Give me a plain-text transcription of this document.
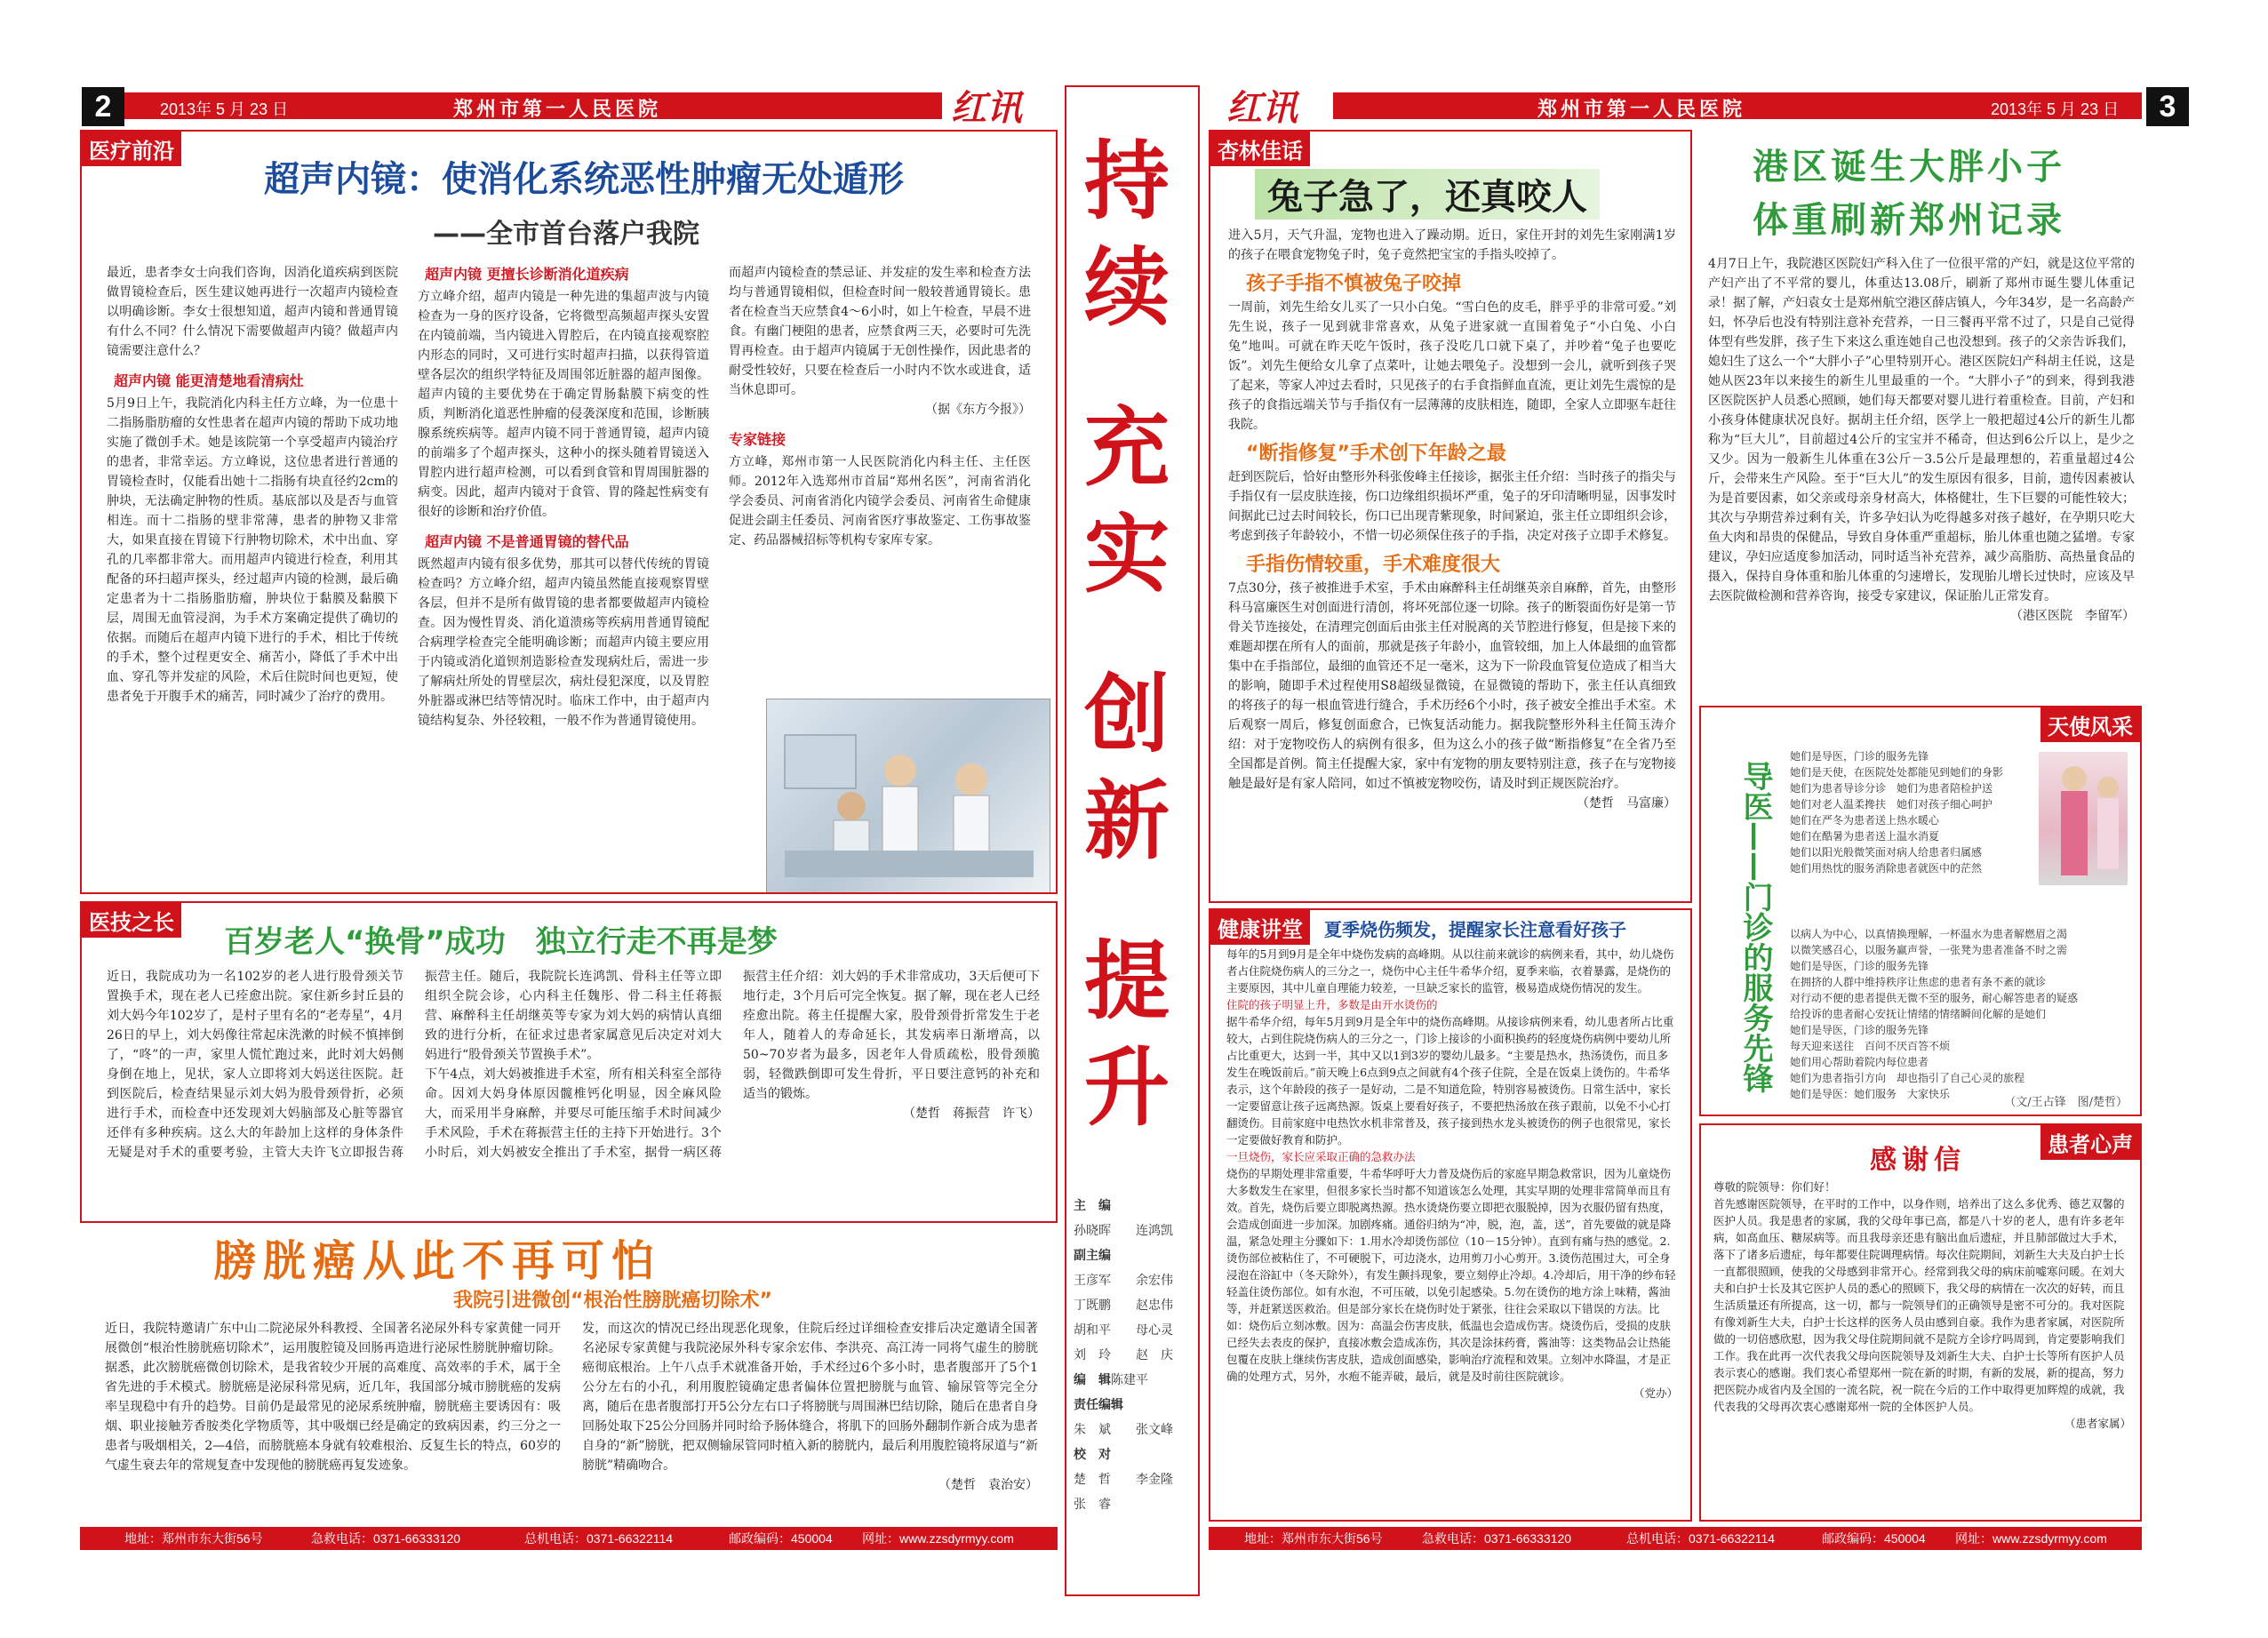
2	2013年 5 月 23 日	郑州市第一人民医院	红讯	红讯	郑州市第一人民医院	2013年 5 月 23 日	3
持
续
充
实
创
新
提
升
主　编
孙晓晖　　连鸿凯
副主编
王彦军　　余宏伟
丁既鹏　　赵忠伟
胡和平　　母心灵
刘　玲　　赵　庆
编　辑陈建平
责任编辑
朱　斌　　张文峰
校　对
楚　哲　　李金隆
张　睿
医疗前沿
超声内镜：使消化系统恶性肿瘤无处遁形
——全市首台落户我院
最近，患者李女士向我们咨询，因消化道疾病到医院做胃镜检查后，医生建议她再进行一次超声内镜检查以明确诊断。李女士很想知道，超声内镜和普通胃镜有什么不同？什么情况下需要做超声内镜？做超声内镜需要注意什么？
超声内镜 能更清楚地看清病灶
5月9日上午，我院消化内科主任方立峰，为一位患十二指肠脂肪瘤的女性患者在超声内镜的帮助下成功地实施了微创手术。她是该院第一个享受超声内镜治疗的患者，非常幸运。方立峰说，这位患者进行普通的胃镜检查时，仅能看出她十二指肠有块直径约2cm的肿块，无法确定肿物的性质。基底部以及是否与血管相连。而十二指肠的壁非常薄，患者的肿物又非常大，如果直接在胃镜下行肿物切除术，术中出血、穿孔的几率都非常大。而用超声内镜进行检查，利用其配备的环扫超声探头，经过超声内镜的检测，最后确定患者为十二指肠脂肪瘤，肿块位于黏膜及黏膜下层，周围无血管浸润，为手术方案确定提供了确切的依据。而随后在超声内镜下进行的手术，相比于传统的手术，整个过程更安全、痛苦小，降低了手术中出血、穿孔等并发症的风险，术后住院时间也更短，使患者免于开腹手术的痛苦，同时减少了治疗的费用。
超声内镜 更擅长诊断消化道疾病
方立峰介绍，超声内镜是一种先进的集超声波与内镜检查为一身的医疗设备，它将微型高频超声探头安置在内镜前端，当内镜进入胃腔后，在内镜直接观察腔内形态的同时，又可进行实时超声扫描，以获得管道壁各层次的组织学特征及周围邻近脏器的超声图像。超声内镜的主要优势在于确定胃肠黏膜下病变的性质，判断消化道恶性肿瘤的侵袭深度和范围，诊断胰腺系统疾病等。超声内镜不同于普通胃镜，超声内镜的前端多了个超声探头，这种小的探头随着胃镜送入胃腔内进行超声检测，可以看到食管和胃周围脏器的病变。因此，超声内镜对于食管、胃的隆起性病变有很好的诊断和治疗价值。
超声内镜 不是普通胃镜的替代品
既然超声内镜有很多优势，那其可以替代传统的胃镜检查吗？方立峰介绍，超声内镜虽然能直接观察胃壁各层，但并不是所有做胃镜的患者都要做超声内镜检查。因为慢性胃炎、消化道溃疡等疾病用普通胃镜配合病理学检查完全能明确诊断；而超声内镜主要应用于内镜或消化道钡剂造影检查发现病灶后，需进一步了解病灶所处的胃壁层次，病灶侵犯深度，以及胃腔外脏器或淋巴结等情况时。临床工作中，由于超声内镜结构复杂、外径较粗，一般不作为普通胃镜使用。
而超声内镜检查的禁忌证、并发症的发生率和检查方法均与普通胃镜相似，但检查时间一般较普通胃镜长。患者在检查当天应禁食4～6小时，如上午检查，早晨不进食。有幽门梗阻的患者，应禁食两三天，必要时可先洗胃再检查。由于超声内镜属于无创性操作，因此患者的耐受性较好，只要在检查后一小时内不饮水或进食，适当休息即可。
（据《东方今报》）
专家链接
方立峰，郑州市第一人民医院消化内科主任、主任医师。2012年入选郑州市首届“郑州名医”，河南省消化学会委员、河南省消化内镜学会委员、河南省生命健康促进会副主任委员、河南省医疗事故鉴定、工伤事故鉴定、药品器械招标等机构专家库专家。
医技之长
百岁老人“换骨”成功　独立行走不再是梦
近日，我院成功为一名102岁的老人进行股骨颈关节置换手术，现在老人已痊愈出院。家住新乡封丘县的刘大妈今年102岁了，是村子里有名的“老寿星”，4月26日的早上，刘大妈像往常起床洗漱的时候不慎摔倒了，“咚”的一声，家里人慌忙跑过来，此时刘大妈侧身倒在地上，见状，家人立即将刘大妈送往医院。赶到医院后，检查结果显示刘大妈为股骨颈骨折，必须进行手术，而检查中还发现刘大妈脑部及心脏等器官还伴有多种疾病。这么大的年龄加上这样的身体条件无疑是对手术的重要考验，主管大夫许飞立即报告蒋振营主任。随后，我院院长连鸿凯、骨科主任等立即组织全院会诊，心内科主任魏彤、骨二科主任蒋振营、麻醉科主任胡继英等专家为刘大妈的病情认真细致的进行分析，在征求过患者家属意见后决定对刘大妈进行“股骨颈关节置换手术”。
下午4点，刘大妈被推进手术室，所有相关科室全部待命。因刘大妈身体原因髋椎钙化明显，因全麻风险大，而采用半身麻醉，并要尽可能压缩手术时间减少手术风险，手术在蒋振营主任的主持下开始进行。3个小时后，刘大妈被安全推出了手术室，据骨一病区蒋振营主任介绍：刘大妈的手术非常成功，3天后便可下地行走，3个月后可完全恢复。据了解，现在老人已经痊愈出院。蒋主任提醒大家，股骨颈骨折常发生于老年人，随着人的寿命延长，其发病率日渐增高，以50~70岁者为最多，因老年人骨质疏松，股骨颈脆弱，轻微跌倒即可发生骨折，平日要注意钙的补充和适当的锻炼。
（楚哲　蒋振营　许飞）
膀胱癌从此不再可怕
我院引进微创“根治性膀胱癌切除术”
近日，我院特邀请广东中山二院泌尿外科教授、全国著名泌尿外科专家黄健一同开展微创“根治性膀胱癌切除术”，运用腹腔镜及回肠再造进行泌尿性膀胱肿瘤切除。据悉，此次膀胱癌微创切除术，是我省较少开展的高难度、高效率的手术，属于全省先进的手术模式。膀胱癌是泌尿科常见病，近几年，我国部分城市膀胱癌的发病率呈现稳中有升的趋势。目前仍是最常见的泌尿系统肿瘤，膀胱癌主要诱因有：吸烟、职业接触芳香胺类化学物质等，其中吸烟已经是确定的致病因素，约三分之一患者与吸烟相关，2—4倍，而膀胱癌本身就有较难根治、反复生长的特点，60岁的气虚生衰去年的常规复查中发现他的膀胱癌再复发迹象。
发，而这次的情况已经出现恶化现象，住院后经过详细检查安排后决定邀请全国著名泌尿专家黄健与我院泌尿外科专家余宏伟、李洪亮、高江涛一同将气虚生的膀胱癌彻底根治。上午八点手术就准备开始，手术经过6个多小时，患者腹部开了5个1公分左右的小孔，利用腹腔镜确定患者偏体位置把膀胱与血管、输尿管等完全分离，随后在患者腹部打开5公分左右口子将膀胱与周围淋巴结切除，随后在患者自身回肠处取下25公分回肠并同时给予肠体缝合，将肌下的回肠外翻制作新合成为患者自身的“新”膀胱，把双侧输尿管同时植入新的膀胱内，最后利用腹腔镜将尿道与“新膀胱”精确吻合。
（楚哲　袁治安）
杏林佳话
兔子急了，还真咬人
进入5月，天气升温，宠物也进入了躁动期。近日，家住开封的刘先生家刚满1岁的孩子在喂食宠物兔子时，兔子竟然把宝宝的手指头咬掉了。
孩子手指不慎被兔子咬掉
一周前，刘先生给女儿买了一只小白兔。“雪白色的皮毛，胖乎乎的非常可爱。”刘先生说，孩子一见到就非常喜欢，从兔子进家就一直围着兔子“小白兔、小白兔”地叫。可就在昨天吃午饭时，孩子没吃几口就下桌了，并吵着“兔子也要吃饭”。刘先生便给女儿拿了点菜叶，让她去喂兔子。没想到一会儿，就听到孩子哭了起来，等家人冲过去看时，只见孩子的右手食指鲜血直流，更让刘先生震惊的是孩子的食指远端关节与手指仅有一层薄薄的皮肤相连，随即，全家人立即驱车赶往我院。
“断指修复”手术创下年龄之最
赶到医院后，恰好由整形外科张俊峰主任接诊，据张主任介绍：当时孩子的指尖与手指仅有一层皮肤连接，伤口边缘组织损坏严重，兔子的牙印清晰明显，因事发时间据此已过去时间较长，伤口已出现青紫现象，时间紧迫，张主任立即组织会诊，考虑到孩子年龄较小，不惜一切必须保住孩子的手指，决定对孩子立即手术修复。
手指伤情较重，手术难度很大
7点30分，孩子被推进手术室，手术由麻醉科主任胡继英亲自麻醉，首先，由整形科马富廉医生对创面进行清创，将坏死部位逐一切除。孩子的断裂面伤好是第一节骨关节连接处，在清理完创面后由张主任对脱离的关节腔进行修复，但是接下来的难题却摆在所有人的面前，那就是孩子年龄小，血管较细，加上人体最细的血管都集中在手指部位，最细的血管还不足一毫米，这为下一阶段血管复位造成了相当大的影响，随即手术过程使用S8超级显微镜，在显微镜的帮助下，张主任认真细致的将孩子的每一根血管进行缝合，手术历经6个小时，孩子被安全推出手术室。术后观察一周后，修复创面愈合，已恢复活动能力。据我院整形外科主任简玉涛介绍：对于宠物咬伤人的病例有很多，但为这么小的孩子做“断指修复”在全省乃至全国都是首例。简主任提醒大家，家中有宠物的朋友要特别注意，孩子在与宠物接触是最好是有家人陪同，如过不慎被宠物咬伤，请及时到正规医院治疗。
（楚哲　马富廉）
港区诞生大胖小子
体重刷新郑州记录
4月7日上午，我院港区医院妇产科入住了一位很平常的产妇，就是这位平常的产妇产出了不平常的婴儿，体重达13.08斤，刷新了郑州市诞生婴儿体重记录！据了解，产妇袁女士是郑州航空港区薛店镇人，今年34岁，是一名高龄产妇，怀孕后也没有特别注意补充营养，一日三餐再平常不过了，只是自己觉得体型有些发胖，孩子生下来这么重连她自己也没想到。孩子的父亲告诉我们，媳妇生了这么一个“大胖小子”心里特别开心。港区医院妇产科胡主任说，这是她从医23年以来接生的新生儿里最重的一个。“大胖小子”的到来，得到我港区医院医护人员悉心照顾，她们每天都要对婴儿进行着重检查。目前，产妇和小孩身体健康状况良好。据胡主任介绍，医学上一般把超过4公斤的新生儿都称为“巨大儿”，目前超过4公斤的宝宝并不稀奇，但达到6公斤以上，是少之又少。因为一般新生儿体重在3公斤－3.5公斤是最理想的，若重量超过4公斤，会带来生产风险。至于“巨大儿”的发生原因有很多，目前，遗传因素被认为是首要因素，如父亲或母亲身材高大，体格健壮，生下巨婴的可能性较大；其次与孕期营养过剩有关，许多孕妇认为吃得越多对孩子越好，在孕期只吃大鱼大肉和昂贵的保健品，导致自身体重严重超标，胎儿体重也随之猛增。专家建议，孕妇应适度参加活动，同时适当补充营养，减少高脂肪、高热量食品的摄入，保持自身体重和胎儿体重的匀速增长，发现胎儿增长过快时，应该及早去医院做检测和营养咨询，接受专家建议，保证胎儿正常发育。
（港区医院　李留军）
天使风采
导医——门诊的服务先锋
她们是导医，门诊的服务先锋
她们是天使，在医院处处都能见到她们的身影
她们为患者导诊分诊　她们为患者陪检护送
她们对老人温柔搀扶　她们对孩子细心呵护
她们在严冬为患者送上热水暖心
她们在酷暑为患者送上温水消夏
她们以阳光般微笑面对病人给患者归属感
她们用热忱的服务消除患者就医中的茫然
以病人为中心，以真情换理解，一杯温水为患者解燃眉之渴
以微笑感召心，以服务赢声誉，一张凳为患者准备不时之需
她们是导医，门诊的服务先锋
在拥挤的人群中维持秩序让焦虑的患者有条不紊的就诊
对行动不便的患者提供无微不至的服务，耐心解答患者的疑惑
给投诉的患者耐心安抚让情绪的情绪瞬间化解的是她们
她们是导医，门诊的服务先锋
每天迎来送往　百问不厌百答不烦
她们用心帮助着院内每位患者
她们为患者指引方向　却也指引了自己心灵的旅程
她们是导医：她们服务　大家快乐
（文/王占锋　图/楚哲）
健康讲堂	夏季烧伤频发，提醒家长注意看好孩子
每年的5月到9月是全年中烧伤发病的高峰期。从以往前来就诊的病例来看，其中，幼儿烧伤者占住院烧伤病人的三分之一，烧伤中心主任牛希华介绍，夏季来临，衣着暴露，是烧伤的主要原因，其中儿童自理能力较差，一旦缺乏家长的监管，极易造成烧伤情况的发生。
住院的孩子明显上升，多数是由开水烫伤的
据牛希华介绍，每年5月到9月是全年中的烧伤高峰期。从接诊病例来看，幼儿患者所占比重较大，占到住院烧伤病人的三分之一，门诊上接诊的小面积换药的轻度烧伤病例中要幼儿所占比重更大，达到一半，其中又以1到3岁的婴幼儿最多。“主要是热水，热汤烫伤，而且多发生在晚饭前后。”前天晚上6点到9点之间就有4个孩子住院，全是在饭桌上烫伤的。牛希华表示，这个年龄段的孩子一是好动，二是不知道危险，特别容易被烫伤。日常生活中，家长一定要留意让孩子远离热源。饭桌上要看好孩子，不要把热汤放在孩子跟前，以免不小心打翻烫伤。目前家庭中电热饮水机非常普及，孩子接到热水龙头被烫伤的例子也很常见，家长一定要做好教育和防护。
一旦烧伤，家长应采取正确的急救办法
烧伤的早期处理非常重要，牛希华呼吁大力普及烧伤后的家庭早期急救常识，因为儿童烧伤大多数发生在家里，但很多家长当时都不知道该怎么处理，其实早期的处理非常简单而且有效。首先，烧伤后要立即脱离热源。热水烫烧伤要立即把衣服脱掉，因为衣服仍留有热度，会造成创面进一步加深。加剧疼痛。通俗归纳为“冲，脱，泡，盖，送”，首先要做的就是降温，紧急处理主分骤如下：1.用水冷却烫伤部位（10－15分钟）。直到有痛与热的感觉。2.烫伤部位被粘住了，不可硬脱下，可边浇水，边用剪刀小心剪开。3.烫伤范围过大，可全身浸泡在浴缸中（冬天除外），有发生颤抖现象，要立刻停止冷却。4.冷却后，用干净的纱布轻轻盖住烫伤部位。如有水泡，不可压破，以免引起感染。5.勿在烫伤的地方涂上味精，酱油等，并赶紧送医救治。但是部分家长在烧伤时处于紧张，往往会采取以下错误的方法。比如：烧伤后立刻冰敷。因为：高温会伤害皮肤，低温也会造成伤害。烧烫伤后，受损的皮肤已经失去表皮的保护，直接冰敷会造成冻伤，其次是涂抹药膏，酱油等：这类物品会让热能包覆在皮肤上继续伤害皮肤，造成创面感染，影响治疗流程和效果。立刻冲水降温，才是正确的处理方式，另外，水疱不能弄破，最后，就是及时前往医院就诊。
（党办）
患者心声
感谢信
尊敬的院领导：你们好！
首先感谢医院领导，在平时的工作中，以身作则，培养出了这么多优秀、德艺双馨的医护人员。我是患者的家属，我的父母年事已高，都是八十岁的老人，患有许多老年病，如高血压、糖尿病等。而且我母亲还患有脑出血后遗症，并且肺部做过大手术，落下了诸多后遗症，每年都要住院调理病情。每次住院期间，刘新生大夫及白护士长一直都很照顾，使我的父母感到非常开心。经常到我父母的病床前嘘寒问暖。在刘大夫和白护士长及其它医护人员的悉心的照顾下，我父母的病情在一次次的好转，而且生活质量还有所提高，这一切，都与一院领导们的正确领导是密不可分的。我对医院有像刘新生大夫，白护士长这样的医务人员由感到自豪。我作为患者家属，对医院所做的一切倍感欣慰，因为我父母住院期间就不是院方全诊疗吗周到，肯定要影响我们工作。我在此再一次代表我父母向医院领导及刘新生大夫、白护士长等所有医护人员表示衷心的感谢。我们衷心希望郑州一院在新的时期，有新的发展，新的提高，努力把医院办成省内及全国的一流名院，祝一院在今后的工作中取得更加辉煌的成就，我代表我的父母再次衷心感谢郑州一院的全体医护人员。
（患者家属）
地址：郑州市东大街56号	急救电话：0371-66333120	总机电话：0371-66322114	邮政编码：450004 网址：www.zzsdyrmyy.com	地址：郑州市东大街56号	急救电话：0371-66333120	总机电话：0371-66322114	邮政编码：450004 网址：www.zzsdyrmyy.com
